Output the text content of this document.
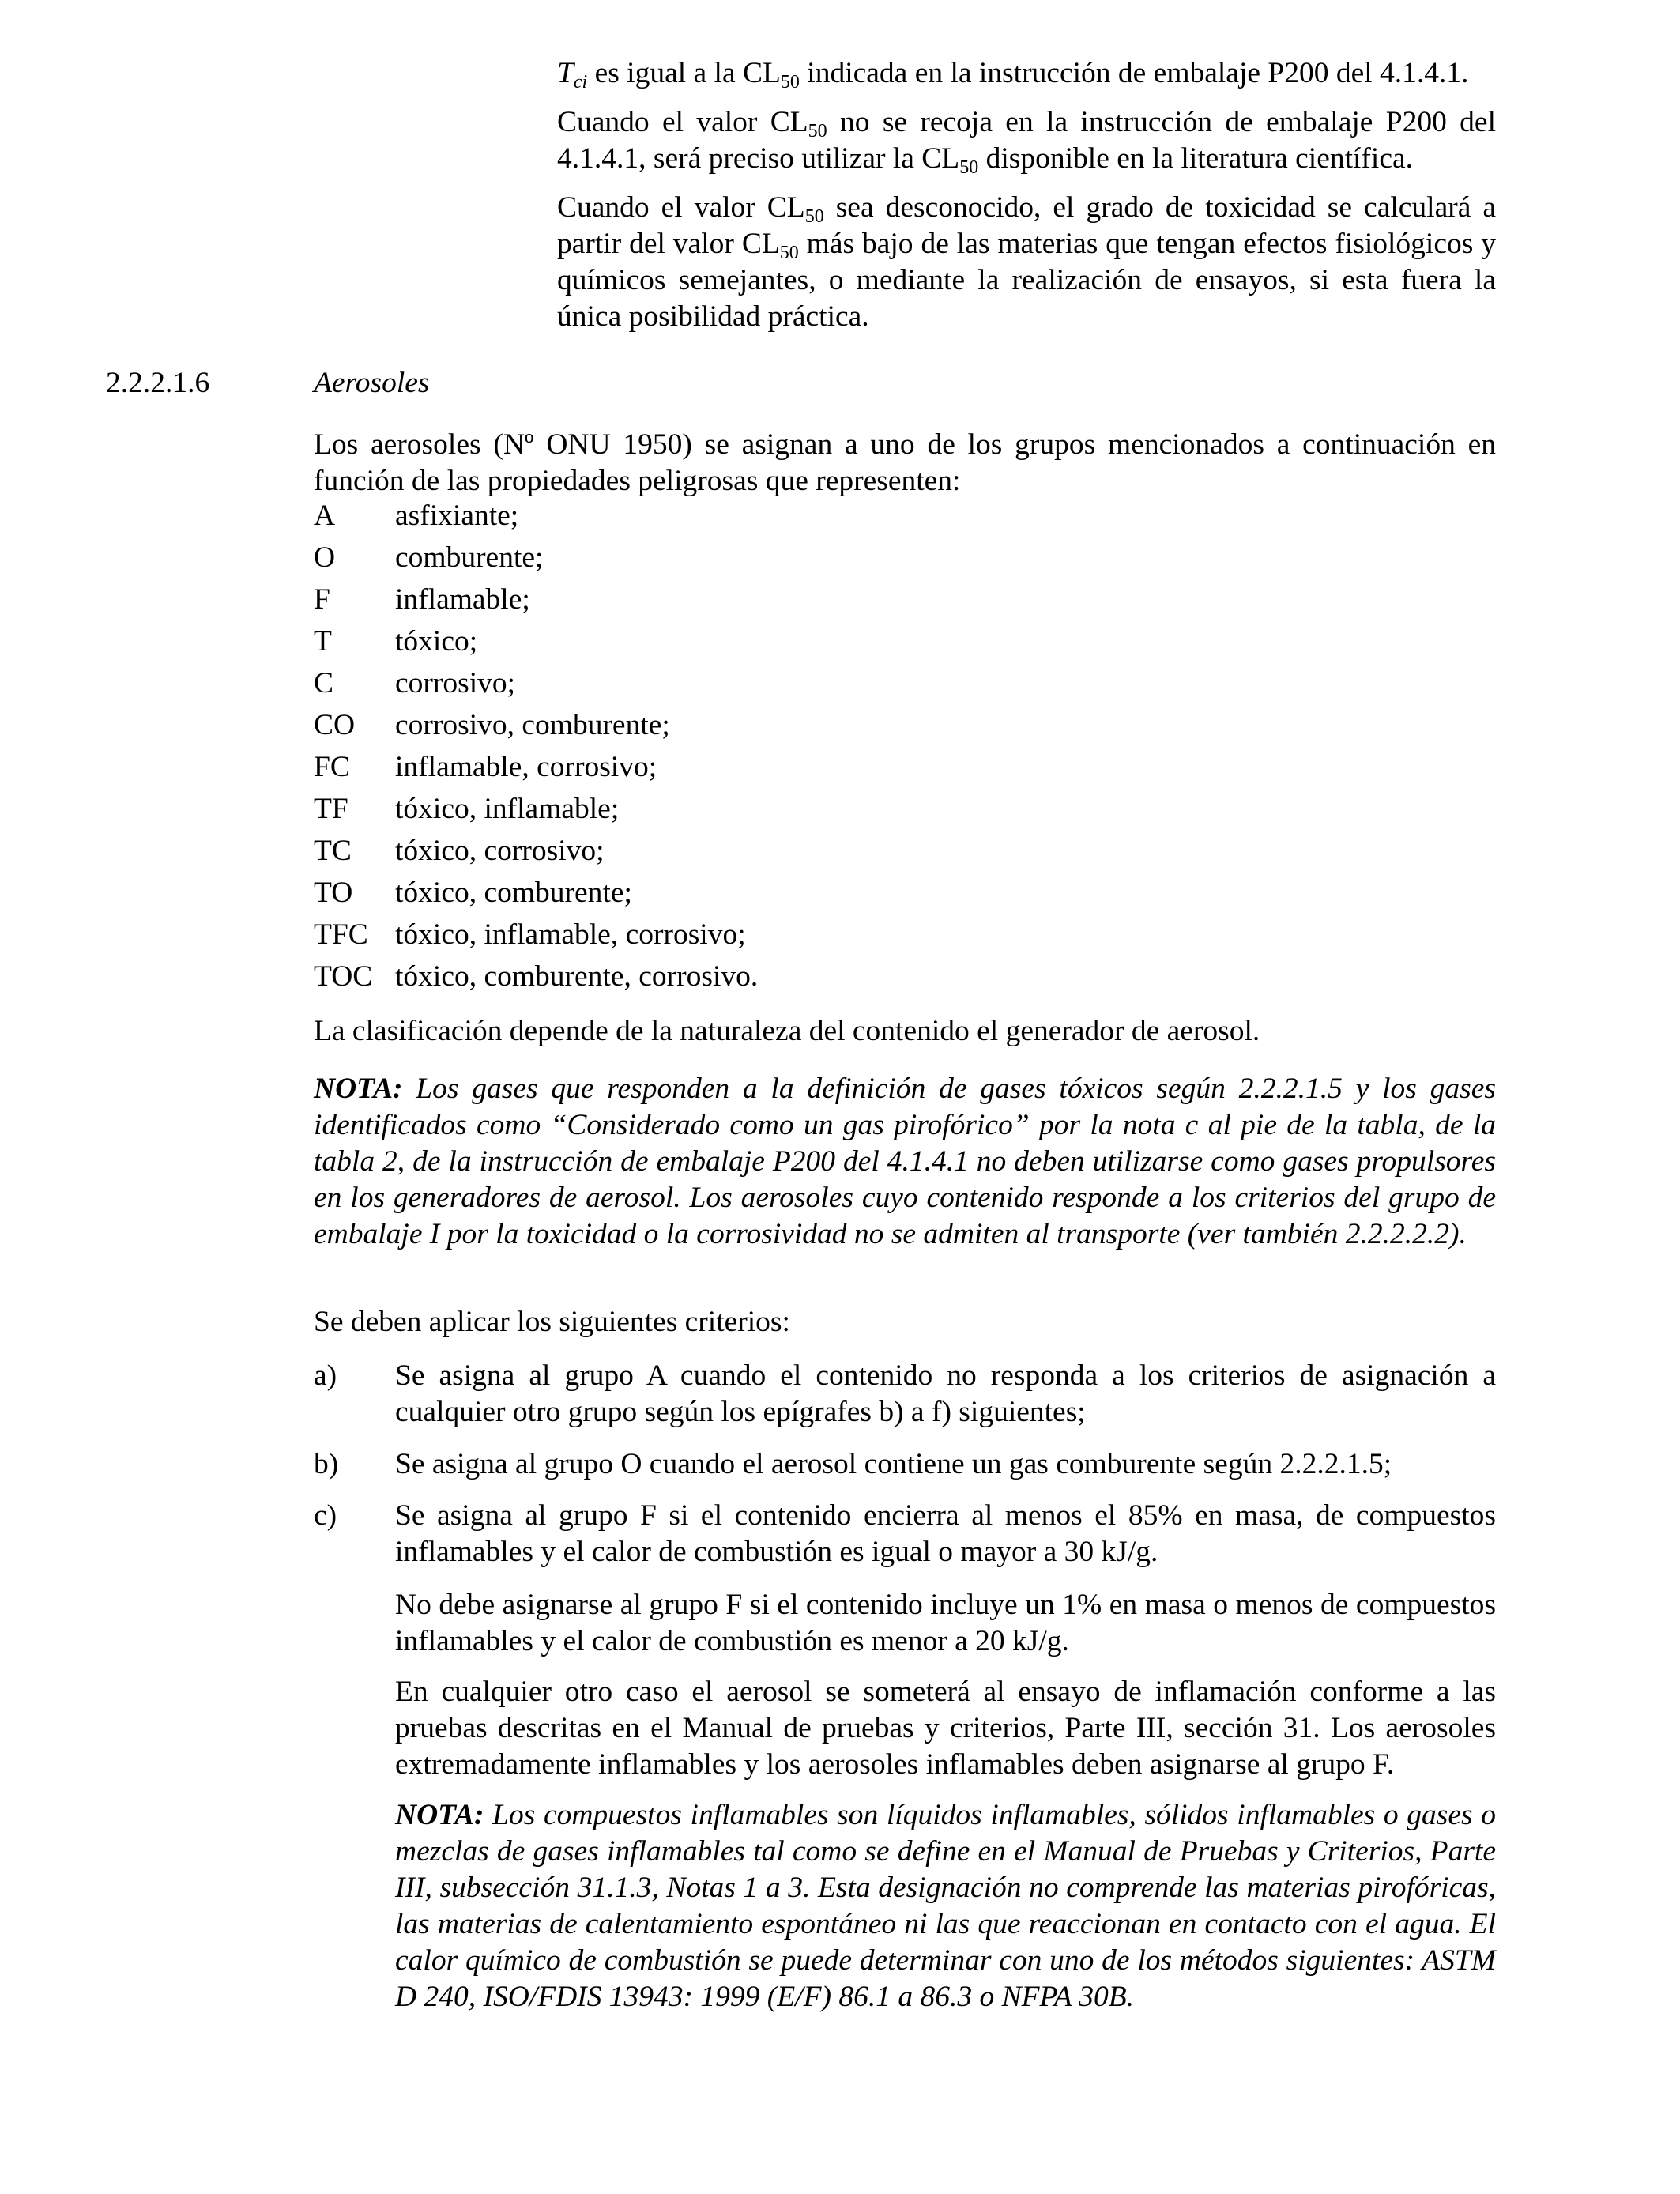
$T_{ci}$ es igual a la $CL_{50}$ indicada en la instrucción de embalaje P200 del 4.1.4.1.

Cuando el valor $CL_{50}$ no se recoja en la instrucción de embalaje P200 del 4.1.4.1, será preciso utilizar la $CL_{50}$ disponible en la literatura científica.

Cuando el valor $CL_{50}$ sea desconocido, el grado de toxicidad se calculará a partir del valor $CL_{50}$ más bajo de las materias que tengan efectos fisiológicos y químicos semejantes, o mediante la realización de ensayos, si esta fuera la única posibilidad práctica.

2.2.2.1.6	Aerosoles

Los aerosoles (Nº ONU 1950) se asignan a uno de los grupos mencionados a continuación en función de las propiedades peligrosas que representen:

A	asfixiante;
O	comburente;
F	inflamable;
T	tóxico;
C	corrosivo;
CO	corrosivo, comburente;
FC	inflamable, corrosivo;
TF	tóxico, inflamable;
TC	tóxico, corrosivo;
TO	tóxico, comburente;
TFC tóxico, inflamable, corrosivo;
TOC tóxico, comburente, corrosivo.

La clasificación depende de la naturaleza del contenido el generador de aerosol.

NOTA: Los gases que responden a la definición de gases tóxicos según 2.2.2.1.5 y los gases identificados como “Considerado como un gas pirofórico” por la nota c al pie de la tabla, de la tabla 2, de la instrucción de embalaje P200 del 4.1.4.1 no deben utilizarse como gases propulsores en los generadores de aerosol. Los aerosoles cuyo contenido responde a los criterios del grupo de embalaje I por la toxicidad o la corrosividad no se admiten al transporte (ver también 2.2.2.2.2).

Se deben aplicar los siguientes criterios:

a)	Se asigna al grupo A cuando el contenido no responda a los criterios de asignación a cualquier otro grupo según los epígrafes b) a f) siguientes;

b)	Se asigna al grupo O cuando el aerosol contiene un gas comburente según 2.2.2.1.5;

c)	Se asigna al grupo F si el contenido encierra al menos el 85% en masa, de compuestos inflamables y el calor de combustión es igual o mayor a 30 kJ/g.

No debe asignarse al grupo F si el contenido incluye un 1% en masa o menos de compuestos inflamables y el calor de combustión es menor a 20 kJ/g.

En cualquier otro caso el aerosol se someterá al ensayo de inflamación conforme a las pruebas descritas en el Manual de pruebas y criterios, Parte III, sección 31. Los aerosoles extremadamente inflamables y los aerosoles inflamables deben asignarse al grupo F.

NOTA: Los compuestos inflamables son líquidos inflamables, sólidos inflamables o gases o mezclas de gases inflamables tal como se define en el Manual de Pruebas y Criterios, Parte III, subsección 31.1.3, Notas 1 a 3. Esta designación no comprende las materias pirofóricas, las materias de calentamiento espontáneo ni las que reaccionan en contacto con el agua. El calor químico de combustión se puede determinar con uno de los métodos siguientes: ASTM D 240, ISO/FDIS 13943: 1999 (E/F) 86.1 a 86.3 o NFPA 30B.
